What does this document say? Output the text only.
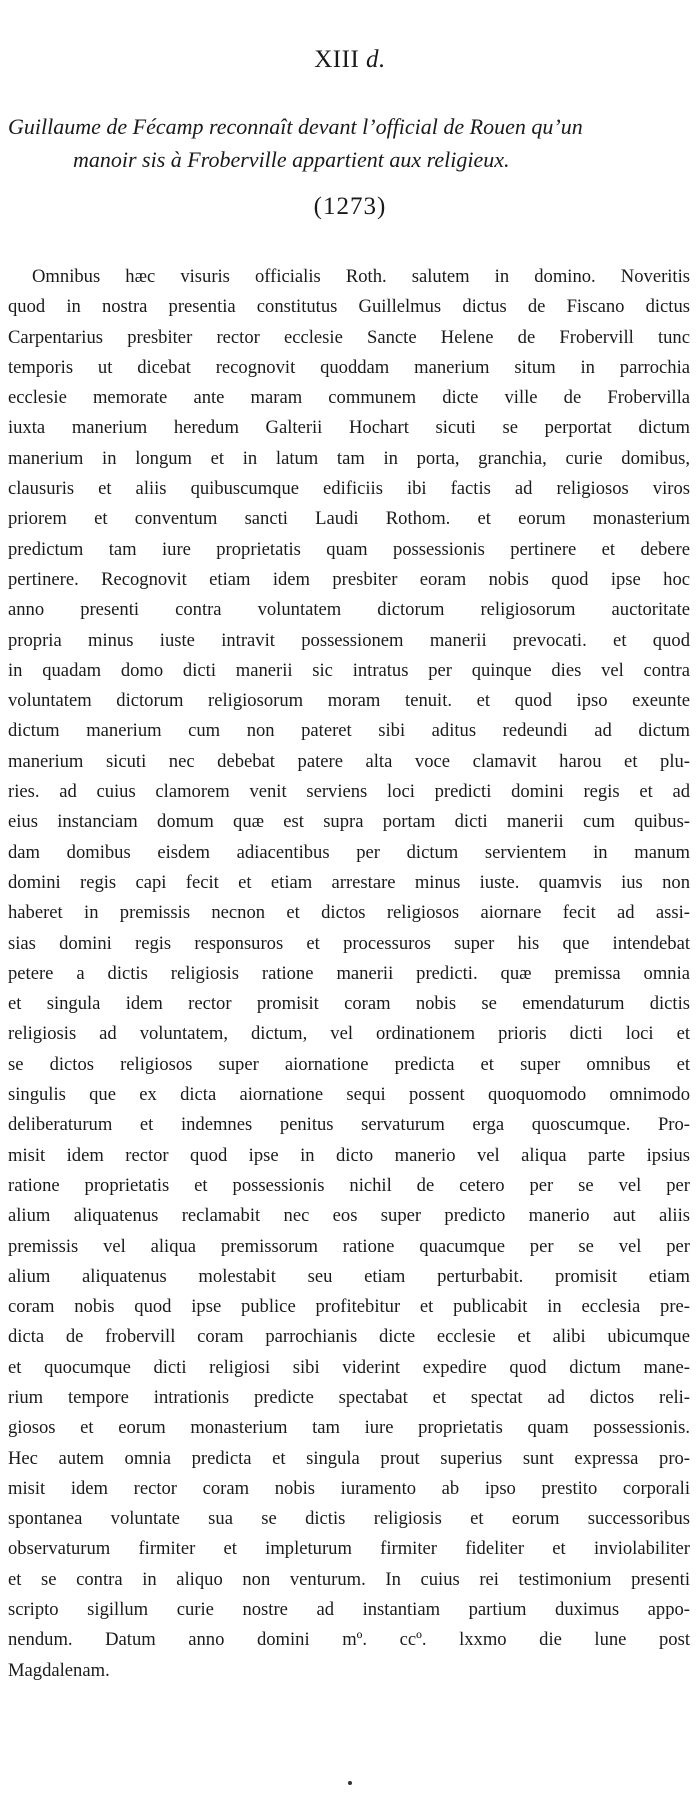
XIII d.
Guillaume de Fécamp reconnaît devant l’official de Rouen qu’un
manoir sis à Froberville appartient aux religieux.
(1273)
Omnibus hæc visuris officialis Roth. salutem in domino. Noveritis
quod in nostra presentia constitutus Guillelmus dictus de Fiscano dictus
Carpentarius presbiter rector ecclesie Sancte Helene de Frobervill tunc
temporis ut dicebat recognovit quoddam manerium situm in parrochia
ecclesie memorate ante maram communem dicte ville de Frobervilla
iuxta manerium heredum Galterii Hochart sicuti se perportat dictum
manerium in longum et in latum tam in porta, granchia, curie domibus,
clausuris et aliis quibuscumque edificiis ibi factis ad religiosos viros
priorem et conventum sancti Laudi Rothom. et eorum monasterium
predictum tam iure proprietatis quam possessionis pertinere et debere
pertinere. Recognovit etiam idem presbiter eoram nobis quod ipse hoc
anno presenti contra voluntatem dictorum religiosorum auctoritate
propria minus iuste intravit possessionem manerii prevocati. et quod
in quadam domo dicti manerii sic intratus per quinque dies vel contra
voluntatem dictorum religiosorum moram tenuit. et quod ipso exeunte
dictum manerium cum non pateret sibi aditus redeundi ad dictum
manerium sicuti nec debebat patere alta voce clamavit harou et plu-
ries. ad cuius clamorem venit serviens loci predicti domini regis et ad
eius instanciam domum quæ est supra portam dicti manerii cum quibus-
dam domibus eisdem adiacentibus per dictum servientem in manum
domini regis capi fecit et etiam arrestare minus iuste. quamvis ius non
haberet in premissis necnon et dictos religiosos aiornare fecit ad assi-
sias domini regis responsuros et processuros super his que intendebat
petere a dictis religiosis ratione manerii predicti. quæ premissa omnia
et singula idem rector promisit coram nobis se emendaturum dictis
religiosis ad voluntatem, dictum, vel ordinationem prioris dicti loci et
se dictos religiosos super aiornatione predicta et super omnibus et
singulis que ex dicta aiornatione sequi possent quoquomodo omnimodo
deliberaturum et indemnes penitus servaturum erga quoscumque. Pro-
misit idem rector quod ipse in dicto manerio vel aliqua parte ipsius
ratione proprietatis et possessionis nichil de cetero per se vel per
alium aliquatenus reclamabit nec eos super predicto manerio aut aliis
premissis vel aliqua premissorum ratione quacumque per se vel per
alium aliquatenus molestabit seu etiam perturbabit. promisit etiam
coram nobis quod ipse publice profitebitur et publicabit in ecclesia pre-
dicta de frobervill coram parrochianis dicte ecclesie et alibi ubicumque
et quocumque dicti religiosi sibi viderint expedire quod dictum mane-
rium tempore intrationis predicte spectabat et spectat ad dictos reli-
giosos et eorum monasterium tam iure proprietatis quam possessionis.
Hec autem omnia predicta et singula prout superius sunt expressa pro-
misit idem rector coram nobis iuramento ab ipso prestito corporali
spontanea voluntate sua se dictis religiosis et eorum successoribus
observaturum firmiter et impleturum firmiter fideliter et inviolabiliter
et se contra in aliquo non venturum. In cuius rei testimonium presenti
scripto sigillum curie nostre ad instantiam partium duximus appo-
nendum. Datum anno domini mº. ccº. lxxmo die lune post
Magdalenam.
